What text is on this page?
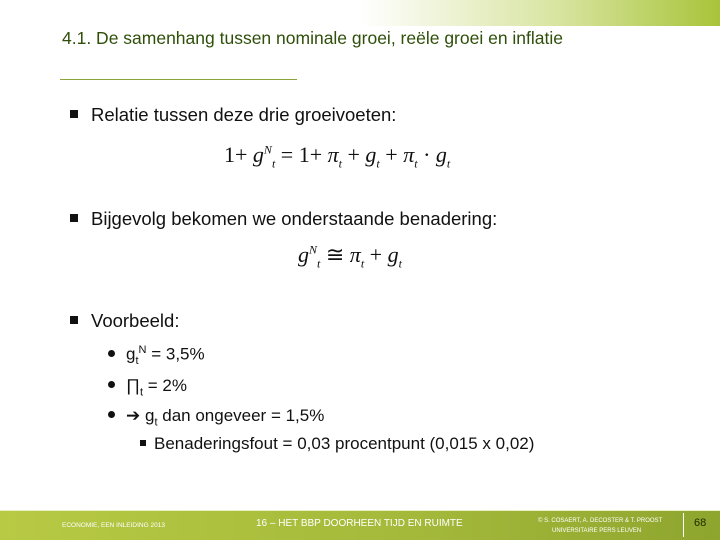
4.1. De samenhang tussen nominale groei, reële groei en inflatie
Relatie tussen deze drie groeivoeten:
$1+ g^N_t = 1+ \pi_t + g_t + \pi_t \cdot g_t$
Bijgevolg bekomen we onderstaande benadering:
$g^N_t$ ≅ $\pi_t + g_t$
Voorbeeld:
$g_t^N = 3,5\%$
$\prod_t = 2\%$
➔ $g_t$ dan ongeveer = 1,5%
Benaderingsfout = 0,03 procentpunt (0,015 x 0,02)
ECONOMIE, EEN INLEIDING 2013	16 – HET BBP DOORHEEN TIJD EN RUIMTE	© S. COSAERT, A. DECOSTER & T. PROOST
UNIVERSITAIRE PERS LEUVEN
68
